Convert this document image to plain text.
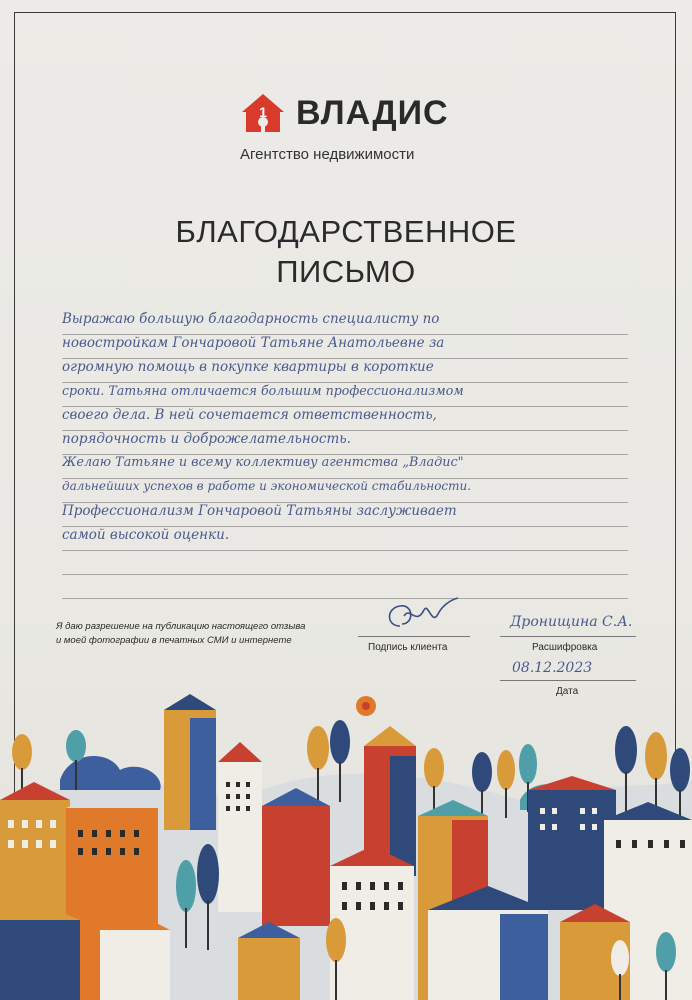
1 ВЛАДИС
Агентство недвижимости
БЛАГОДАРСТВЕННОЕ
ПИСЬМО
Выражаю большую благодарность специалисту по
новостройкам Гончаровой Татьяне Анатольевне за
огромную помощь в покупке квартиры в короткие
сроки. Татьяна отличается большим профессионализмом
своего дела. В ней сочетается ответственность,
порядочность и доброжелательность.
Желаю Татьяне и всему коллективу агентства „Владис"
дальнейших успехов в работе и экономической стабильности.
Профессионализм Гончаровой Татьяны заслуживает
самой высокой оценки.
Я даю разрешение на публикацию настоящего отзыва
и моей фотографии в печатных СМИ и интернете
Подпись клиента
Дронищина С.А.
Расшифровка
08.12.2023
Дата
